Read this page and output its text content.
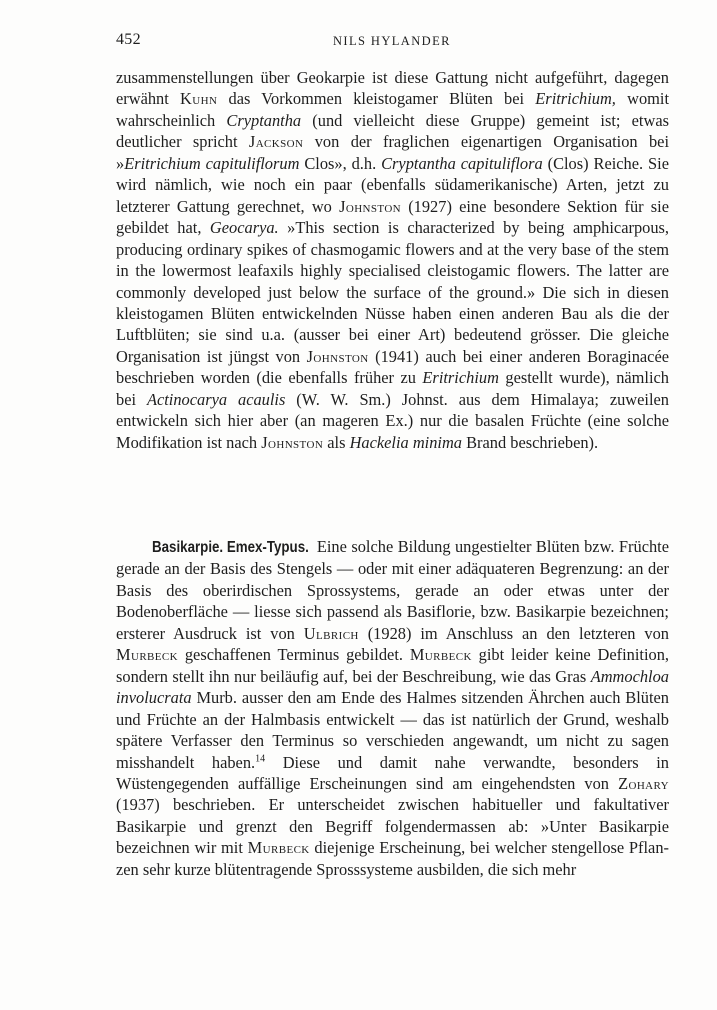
452	NILS HYLANDER

zusammenstellungen über Geokarpie ist diese Gattung nicht aufgeführt, dagegen erwähnt Kuhn das Vorkommen kleistogamer Blüten bei Eritrichium, womit wahrscheinlich Cryptantha (und vielleicht diese Gruppe) gemeint ist; etwas deutlicher spricht Jackson von der fraglichen eigenartigen Organisation bei »Eritrichium capituliflorum Clos», d.h. Cryptantha capituliflora (Clos) Reiche. Sie wird nämlich, wie noch ein paar (ebenfalls südamerikanische) Arten, jetzt zu letzterer Gattung gerechnet, wo Johnston (1927) eine besondere Sektion für sie gebildet hat, Geocarya. »This section is characterized by being amphicarpous, producing ordinary spikes of chasmogamic flowers and at the very base of the stem in the lowermost leafaxils highly specialised cleistogamic flowers. The latter are commonly developed just below the surface of the ground.» Die sich in diesen kleistogamen Blüten entwickelnden Nüsse haben einen anderen Bau als die der Luftblüten; sie sind u.a. (ausser bei einer Art) bedeutend grösser. Die gleiche Organisation ist jüngst von Johnston (1941) auch bei einer anderen Boraginacée beschrieben worden (die ebenfalls früher zu Eritrichium gestellt wurde), nämlich bei Actinocarya acaulis (W. W. Sm.) Johnst. aus dem Himalaya; zuweilen entwickeln sich hier aber (an mageren Ex.) nur die basalen Früchte (eine solche Modifikation ist nach Johnston als Hackelia minima Brand beschrieben).

Basikarpie. Emex-Typus. Eine solche Bildung ungestielter Blüten bzw. Früchte gerade an der Basis des Stengels — oder mit einer adäquateren Begrenzung: an der Basis des oberirdischen Sprossystems, gerade an oder etwas unter der Bodenoberfläche — liesse sich passend als Basiflorie, bzw. Basikarpie bezeichnen; ersterer Ausdruck ist von Ulbrich (1928) im Anschluss an den letzteren von Murbeck geschaffenen Terminus gebildet. Murbeck gibt leider keine Definition, sondern stellt ihn nur beiläufig auf, bei der Beschreibung, wie das Gras Ammochloa involucrata Murb. ausser den am Ende des Halmes sitzenden Ährchen auch Blüten und Früchte an der Halmbasis entwickelt — das ist natürlich der Grund, weshalb spätere Verfasser den Terminus so verschieden angewandt, um nicht zu sagen misshandelt haben.$^{14}$ Diese und damit nahe verwandte, besonders in Wüstengegenden auffällige Erscheinungen sind am eingehendsten von Zohary (1937) beschrieben. Er unterscheidet zwischen habitueller und fakultativer Basikarpie und grenzt den Begriff folgendermassen ab: »Unter Basikarpie bezeichnen wir mit Murbeck diejenige Erscheinung, bei welcher stengellose Pflanzen sehr kurze blütentragende Sprosssysteme ausbilden, die sich mehr
